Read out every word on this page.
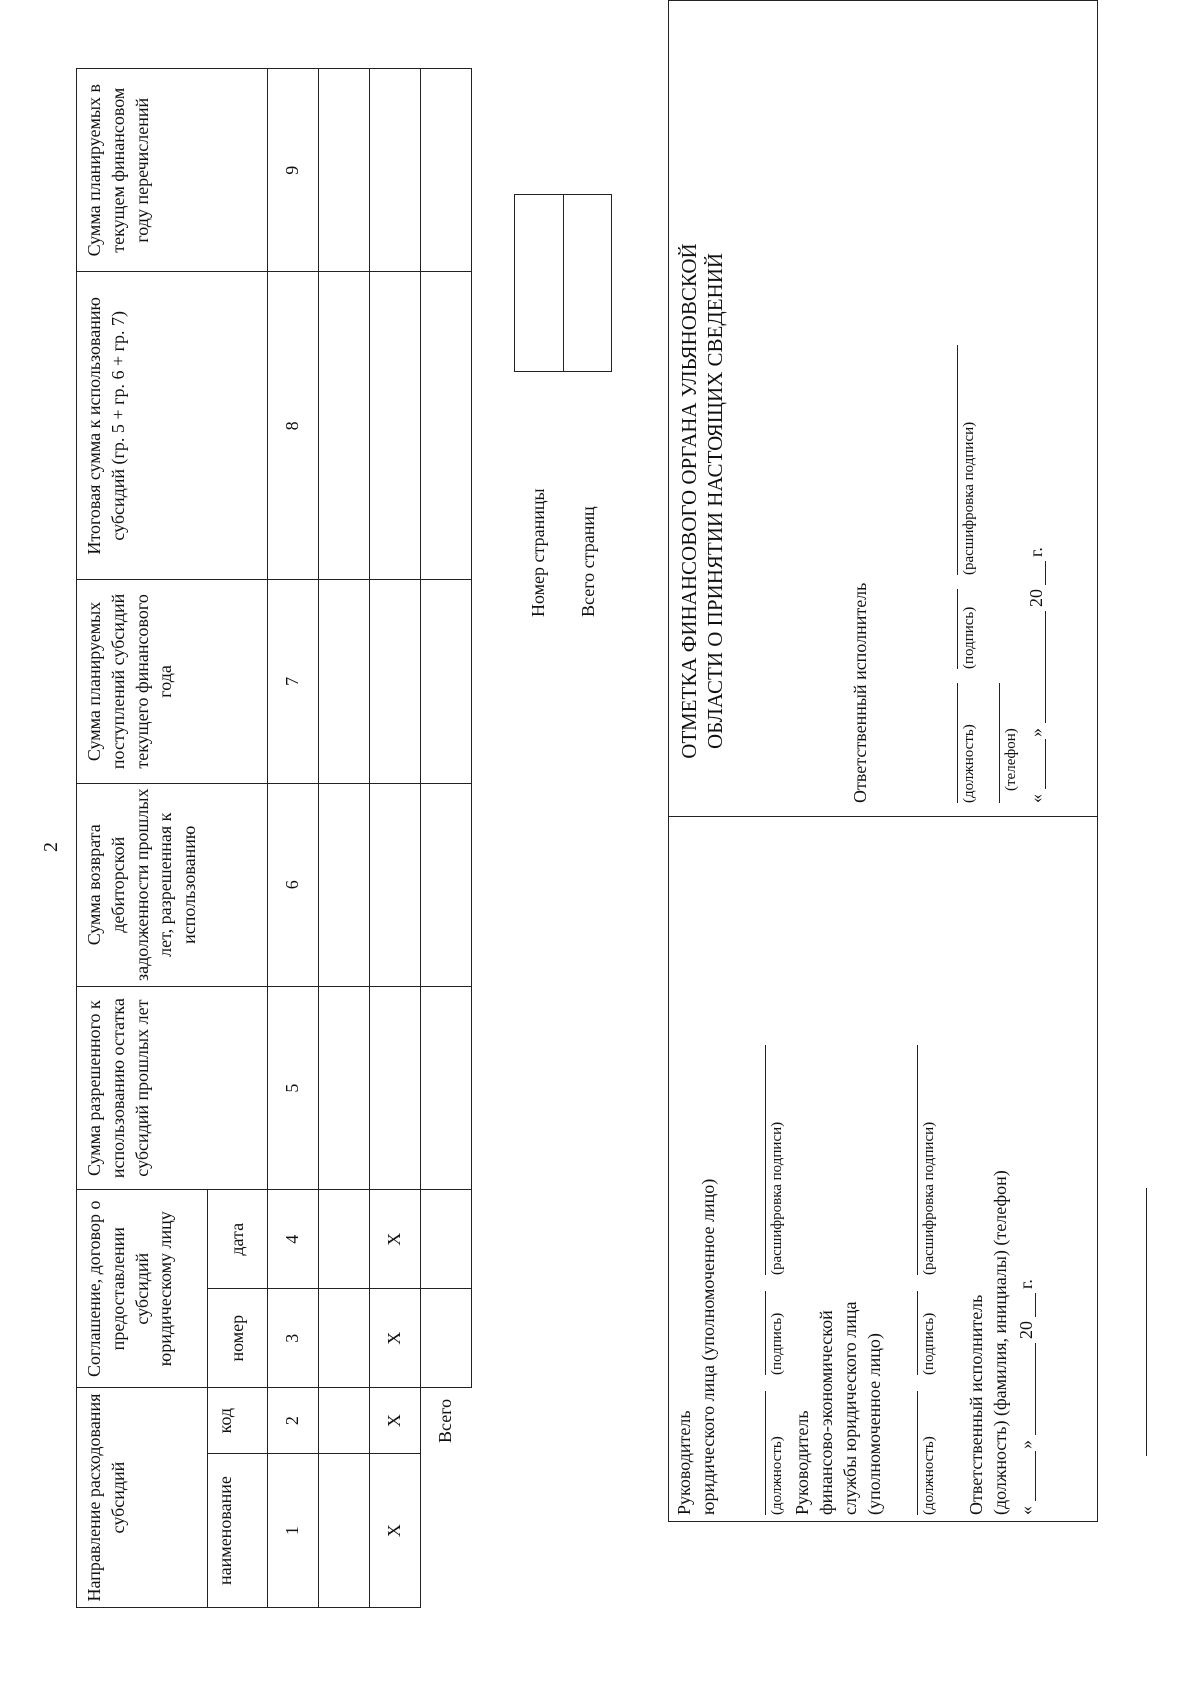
2
Направление расходования субсидий		Соглашение, договор о предоставлении субсидий юридическому лицу		Сумма разрешенного к использованию остатка субсидий прошлых лет	Сумма возврата дебиторской задолженности прошлых лет, разрешенная к использованию	Сумма планируемых поступлений субсидий текущего финансового года	Итоговая сумма к использованию субсидий (гр. 5 + гр. 6 + гр. 7)	Сумма планируемых в текущем финансовом году перечислений
наименование	код	номер	дата					
1	2	3	4	5	6	7	8	9

Х	Х	Х	Х					
	Всего							
Номер страницы Всего страниц
Руководитель юридического лица (уполномоченное лицо)	(должность)
(подпись)
(расшифровка подписи)
Руководитель финансово-экономической службы юридического лица (уполномоченное лицо) (должность)
(подпись)
(расшифровка подписи)
Ответственный исполнитель (должность) (фамилия, инициалы) (телефон) «
»
20
г.
ОТМЕТКА ФИНАНСОВОГО ОРГАНА УЛЬЯНОВСКОЙ ОБЛАСТИ О ПРИНЯТИИ НАСТОЯЩИХ СВЕДЕНИЙ	Ответственный исполнитель	(должность)
(подпись)
(расшифровка подписи)
(телефон)
«
»
20
г.
